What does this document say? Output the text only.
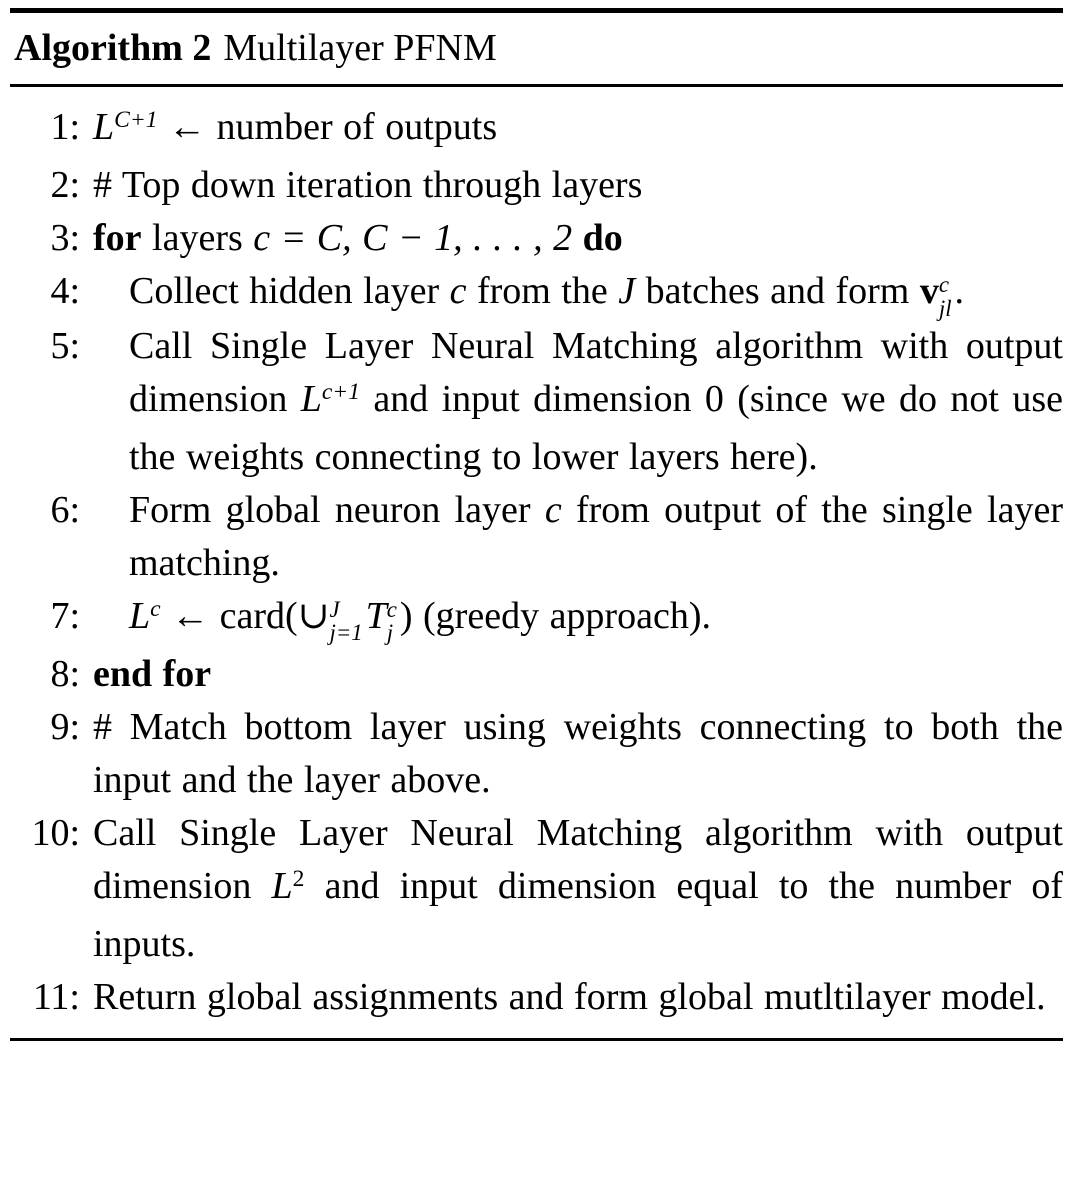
Algorithm 2 Multilayer PFNM
1: $L^{C+1}$ ← number of outputs
2: # Top down iteration through layers
3: for layers c = C, C − 1, . . . , 2 do
4:	Collect hidden layer c from the J batches and form v c
jl .
5:	Call Single Layer Neural Matching algorithm with output dimension $L^{c+1}$ and input dimension 0 (since we do not use the weights connecting to lower layers here).
6:	Form global neuron layer c from output of the single layer matching.
7:	$L^c$ ← card(∪ J
j=1 T c
j ) (greedy approach).
8: end for
9: # Match bottom layer using weights connecting to both the input and the layer above.
10: Call Single Layer Neural Matching algorithm with output dimension $L^2$ and input dimension equal to the number of inputs.
11: Return global assignments and form global mutltilayer model.
